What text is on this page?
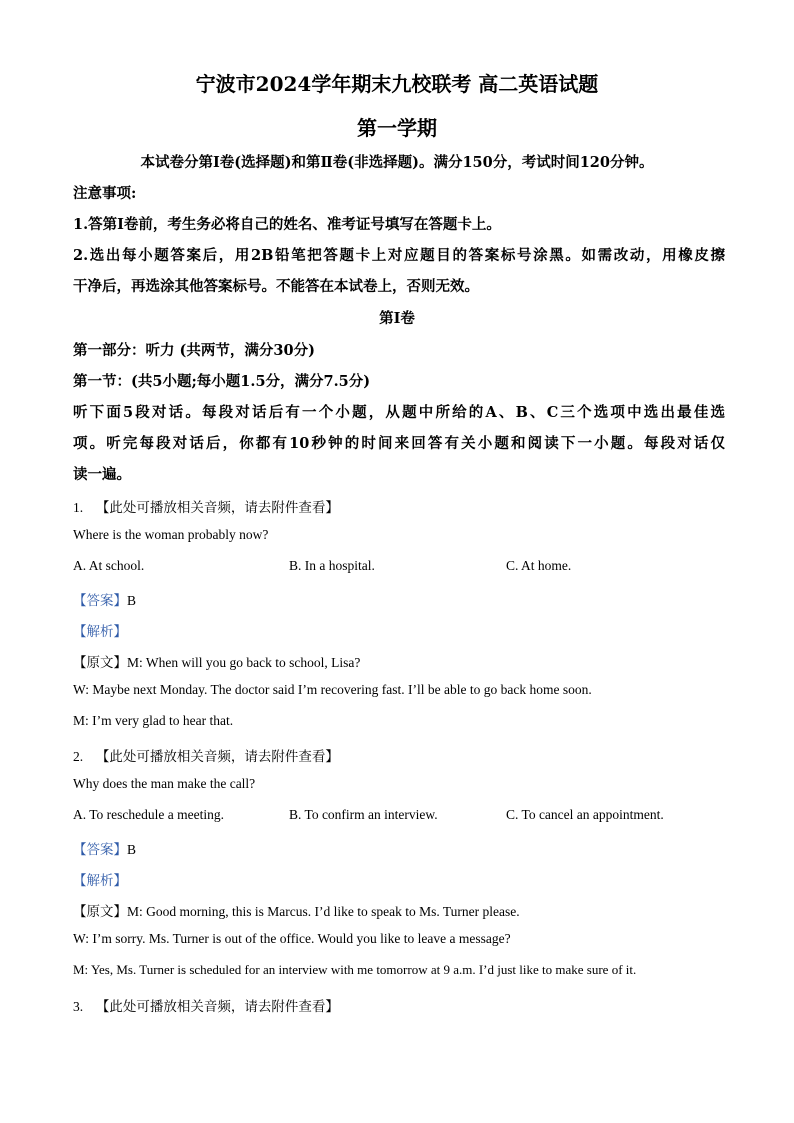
宁波市2024学年期末九校联考 高二英语试题
第一学期
本试卷分第Ⅰ卷(选择题)和第Ⅱ卷(非选择题)。满分150分，考试时间120分钟。
注意事项:
1.答第Ⅰ卷前，考生务必将自己的姓名、准考证号填写在答题卡上。
2.选出每小题答案后，用2B铅笔把答题卡上对应题目的答案标号涂黑。如需改动，用橡皮擦
干净后，再选涂其他答案标号。不能答在本试卷上，否则无效。
第Ⅰ卷
第一部分：听力 (共两节，满分30分)
第一节：(共5小题;每小题1.5分，满分7.5分)
听下面5段对话。每段对话后有一个小题，从题中所给的A、B、C三个选项中选出最佳选
项。听完每段对话后，你都有10秒钟的时间来回答有关小题和阅读下一小题。每段对话仅
读一遍。
1. 【此处可播放相关音频，请去附件查看】
Where is the woman probably now?
A. At school.	B. In a hospital.	C. At home.
【答案】B
【解析】
【原文】M: When will you go back to school, Lisa?
W: Maybe next Monday. The doctor said I’m recovering fast. I’ll be able to go back home soon.
M: I’m very glad to hear that.
2. 【此处可播放相关音频，请去附件查看】
Why does the man make the call?
A. To reschedule a meeting.	B. To confirm an interview.	C. To cancel an appointment.
【答案】B
【解析】
【原文】M: Good morning, this is Marcus. I’d like to speak to Ms. Turner please.
W: I’m sorry. Ms. Turner is out of the office. Would you like to leave a message?
M: Yes, Ms. Turner is scheduled for an interview with me tomorrow at 9 a.m. I’d just like to make sure of it.
3. 【此处可播放相关音频，请去附件查看】
